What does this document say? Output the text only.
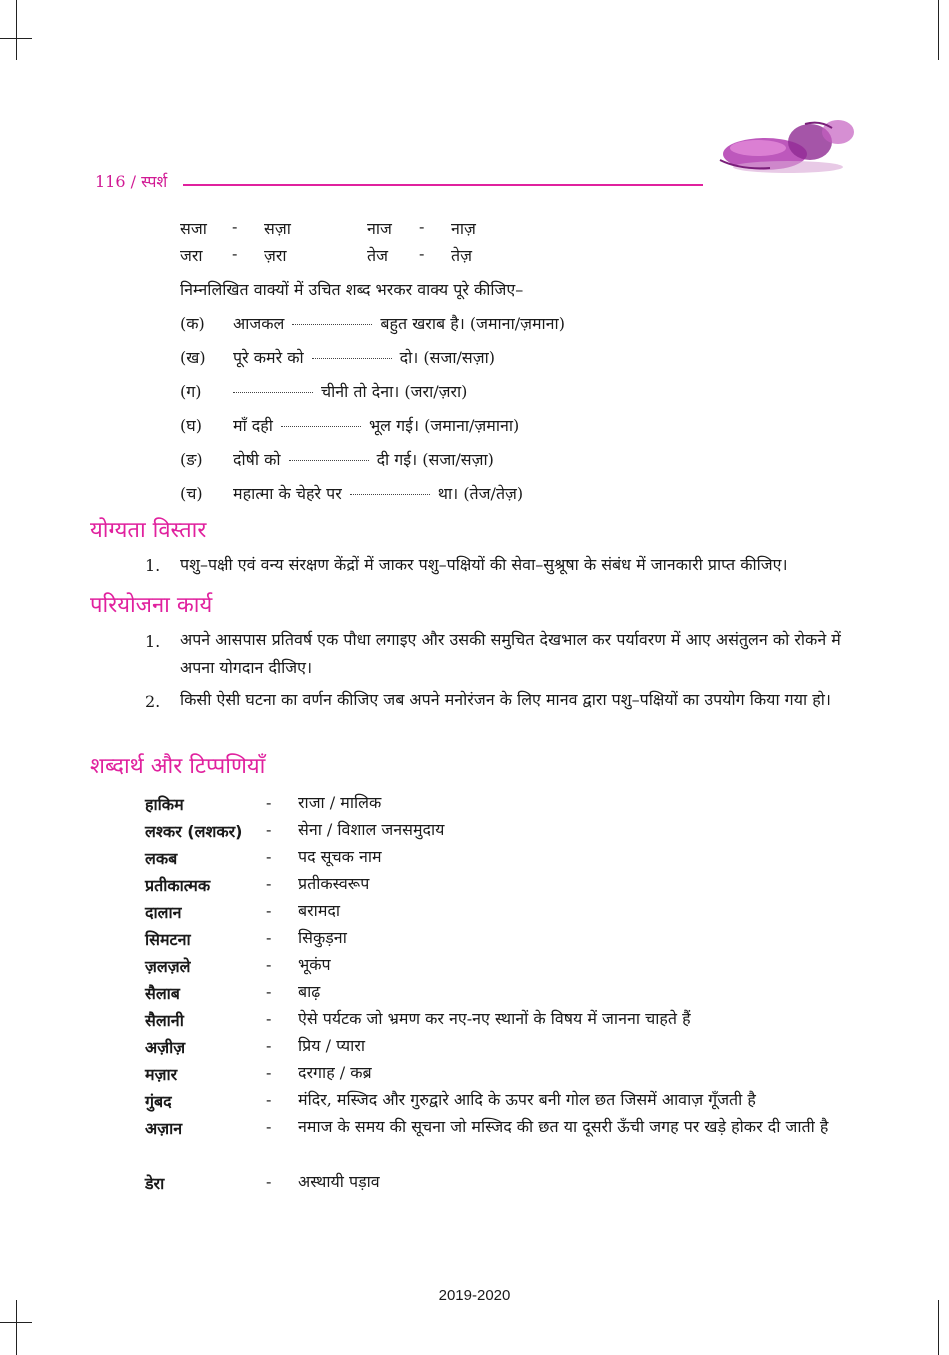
116 / स्पर्श
सजा - सज़ा	नाज - नाज़
जरा - ज़रा	तेज - तेज़
निम्नलिखित वाक्यों में उचित शब्द भरकर वाक्य पूरे कीजिए–
(क) आजकल	बहुत खराब है। (जमाना/ज़माना)
(ख) पूरे कमरे को	दो। (सजा/सज़ा)
(ग)	चीनी तो देना। (जरा/ज़रा)
(घ) माँ दही	भूल गई। (जमाना/ज़माना)
(ङ) दोषी को	दी गई। (सजा/सज़ा)
(च) महात्मा के चेहरे पर	था। (तेज/तेज़)
योग्यता विस्तार
1. पशु–पक्षी एवं वन्य संरक्षण केंद्रों में जाकर पशु–पक्षियों की सेवा–सुश्रूषा के संबंध में जानकारी प्राप्त कीजिए।
परियोजना कार्य
1. अपने आसपास प्रतिवर्ष एक पौधा लगाइए और उसकी समुचित देखभाल कर पर्यावरण में आए असंतुलन को रोकने में अपना योगदान दीजिए।
2. किसी ऐसी घटना का वर्णन कीजिए जब अपने मनोरंजन के लिए मानव द्वारा पशु–पक्षियों का उपयोग किया गया हो।
शब्दार्थ और टिप्पणियाँ
हाकिम	- राजा / मालिक
लश्कर (लशकर) - सेना / विशाल जनसमुदाय
लकब	- पद सूचक नाम
प्रतीकात्मक	- प्रतीकस्वरूप
दालान	- बरामदा
सिमटना	- सिकुड़ना
ज़लज़ले	- भूकंप
सैलाब	- बाढ़
सैलानी	- ऐसे पर्यटक जो भ्रमण कर नए-नए स्थानों के विषय में जानना चाहते हैं
अज़ीज़	- प्रिय / प्यारा
मज़ार	- दरगाह / कब्र
गुंबद	- मंदिर, मस्जिद और गुरुद्वारे आदि के ऊपर बनी गोल छत जिसमें आवाज़ गूँजती है
अज़ान	- नमाज के समय की सूचना जो मस्जिद की छत या दूसरी ऊँची जगह पर खड़े होकर दी जाती है
डेरा	- अस्थायी पड़ाव
2019-2020
